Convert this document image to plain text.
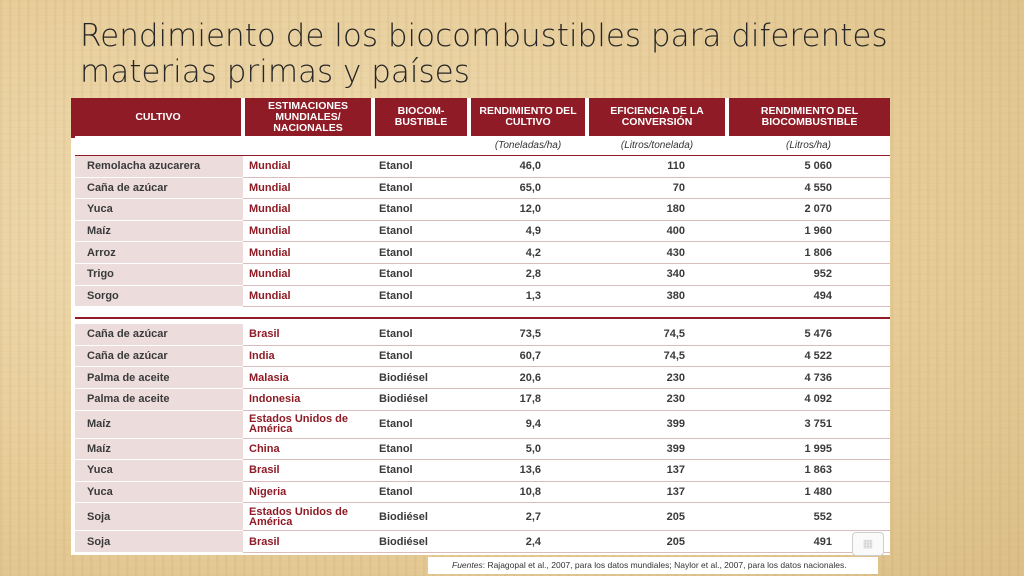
Rendimiento de los biocombustibles para diferentes materias primas y países
CULTIVO	ESTIMACIONES MUNDIALES/ NACIONALES	BIOCOM- BUSTIBLE	RENDIMIENTO DEL CULTIVO	EFICIENCIA DE LA CONVERSIÓN	RENDIMIENTO DEL BIOCOMBUSTIBLE
			(Toneladas/ha)	(Litros/tonelada)	(Litros/ha)
Remolacha azucarera	Mundial	Etanol	46,0	110	5 060
Caña de azúcar	Mundial	Etanol	65,0	70	4 550
Yuca	Mundial	Etanol	12,0	180	2 070
Maíz	Mundial	Etanol	4,9	400	1 960
Arroz	Mundial	Etanol	4,2	430	1 806
Trigo	Mundial	Etanol	2,8	340	952
Sorgo	Mundial	Etanol	1,3	380	494

Caña de azúcar	Brasil	Etanol	73,5	74,5	5 476
Caña de azúcar	India	Etanol	60,7	74,5	4 522
Palma de aceite	Malasia	Biodiésel	20,6	230	4 736
Palma de aceite	Indonesia	Biodiésel	17,8	230	4 092
Maíz	Estados Unidos de América	Etanol	9,4	399	3 751
Maíz	China	Etanol	5,0	399	1 995
Yuca	Brasil	Etanol	13,6	137	1 863
Yuca	Nigeria	Etanol	10,8	137	1 480
Soja	Estados Unidos de América	Biodiésel	2,7	205	552
Soja	Brasil	Biodiésel	2,4	205	491
Fuentes: Rajagopal et al., 2007, para los datos mundiales; Naylor et al., 2007, para los datos nacionales.
▦
